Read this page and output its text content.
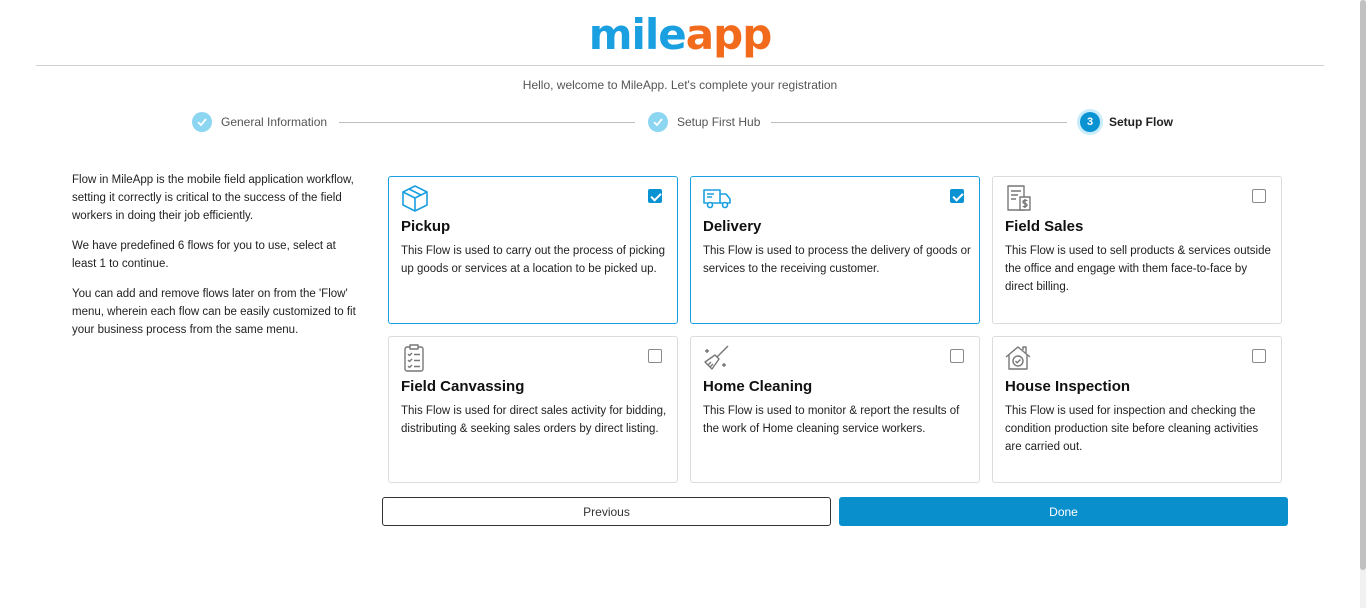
mileapp
Hello, welcome to MileApp. Let's complete your registration
General Information	Setup First Hub	3	Setup Flow

Flow in MileApp is the mobile field application workflow, setting it correctly is critical to the success of the field workers in doing their job efficiently.

We have predefined 6 flows for you to use, select at least 1 to continue.

You can add and remove flows later on from the 'Flow' menu, wherein each flow can be easily customized to fit your business process from the same menu.

Pickup
This Flow is used to carry out the process of picking up goods or services at a location to be picked up.
Delivery
This Flow is used to process the delivery of goods or services to the receiving customer.
Field Sales
This Flow is used to sell products & services outside the office and engage with them face-to-face by direct billing.
Field Canvassing
This Flow is used for direct sales activity for bidding, distributing & seeking sales orders by direct listing.
Home Cleaning
This Flow is used to monitor & report the results of the work of Home cleaning service workers.
House Inspection
This Flow is used for inspection and checking the condition production site before cleaning activities are carried out.
Previous	Done
